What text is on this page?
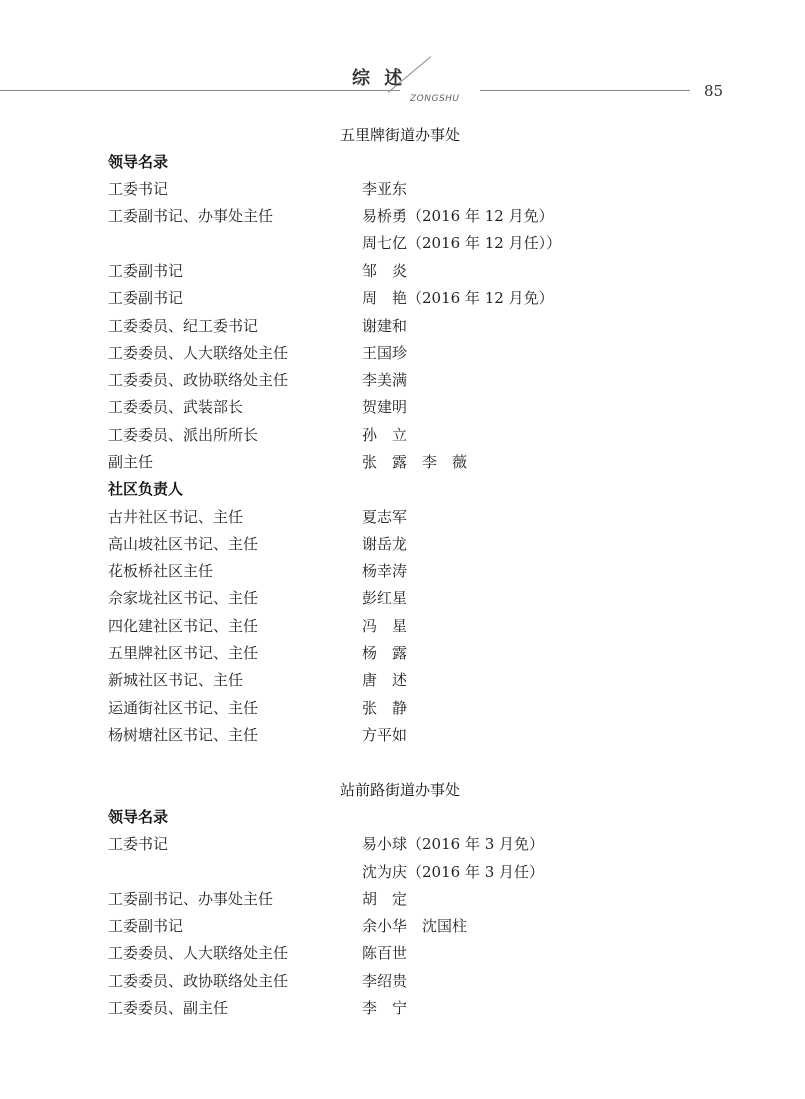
综 述
ZONGSHU	85
五里牌街道办事处
领导名录
工委书记	李亚东
工委副书记、办事处主任	易桥勇（2016 年 12 月免）
周七亿（2016 年 12 月任））
工委副书记	邹　炎
工委副书记	周　艳（2016 年 12 月免）
工委委员、纪工委书记	谢建和
工委委员、人大联络处主任	王国珍
工委委员、政协联络处主任	李美满
工委委员、武装部长	贺建明
工委委员、派出所所长	孙　立
副主任	张　露　李　薇
社区负责人
古井社区书记、主任	夏志军
高山坡社区书记、主任	谢岳龙
花板桥社区主任	杨幸涛
佘家垅社区书记、主任	彭红星
四化建社区书记、主任	冯　星
五里牌社区书记、主任	杨　露
新城社区书记、主任	唐　述
运通街社区书记、主任	张　静
杨树塘社区书记、主任	方平如
站前路街道办事处
领导名录
工委书记	易小球（2016 年 3 月免）
沈为庆（2016 年 3 月任）
工委副书记、办事处主任	胡　定
工委副书记	余小华　沈国柱
工委委员、人大联络处主任	陈百世
工委委员、政协联络处主任	李绍贵
工委委员、副主任	李　宁
